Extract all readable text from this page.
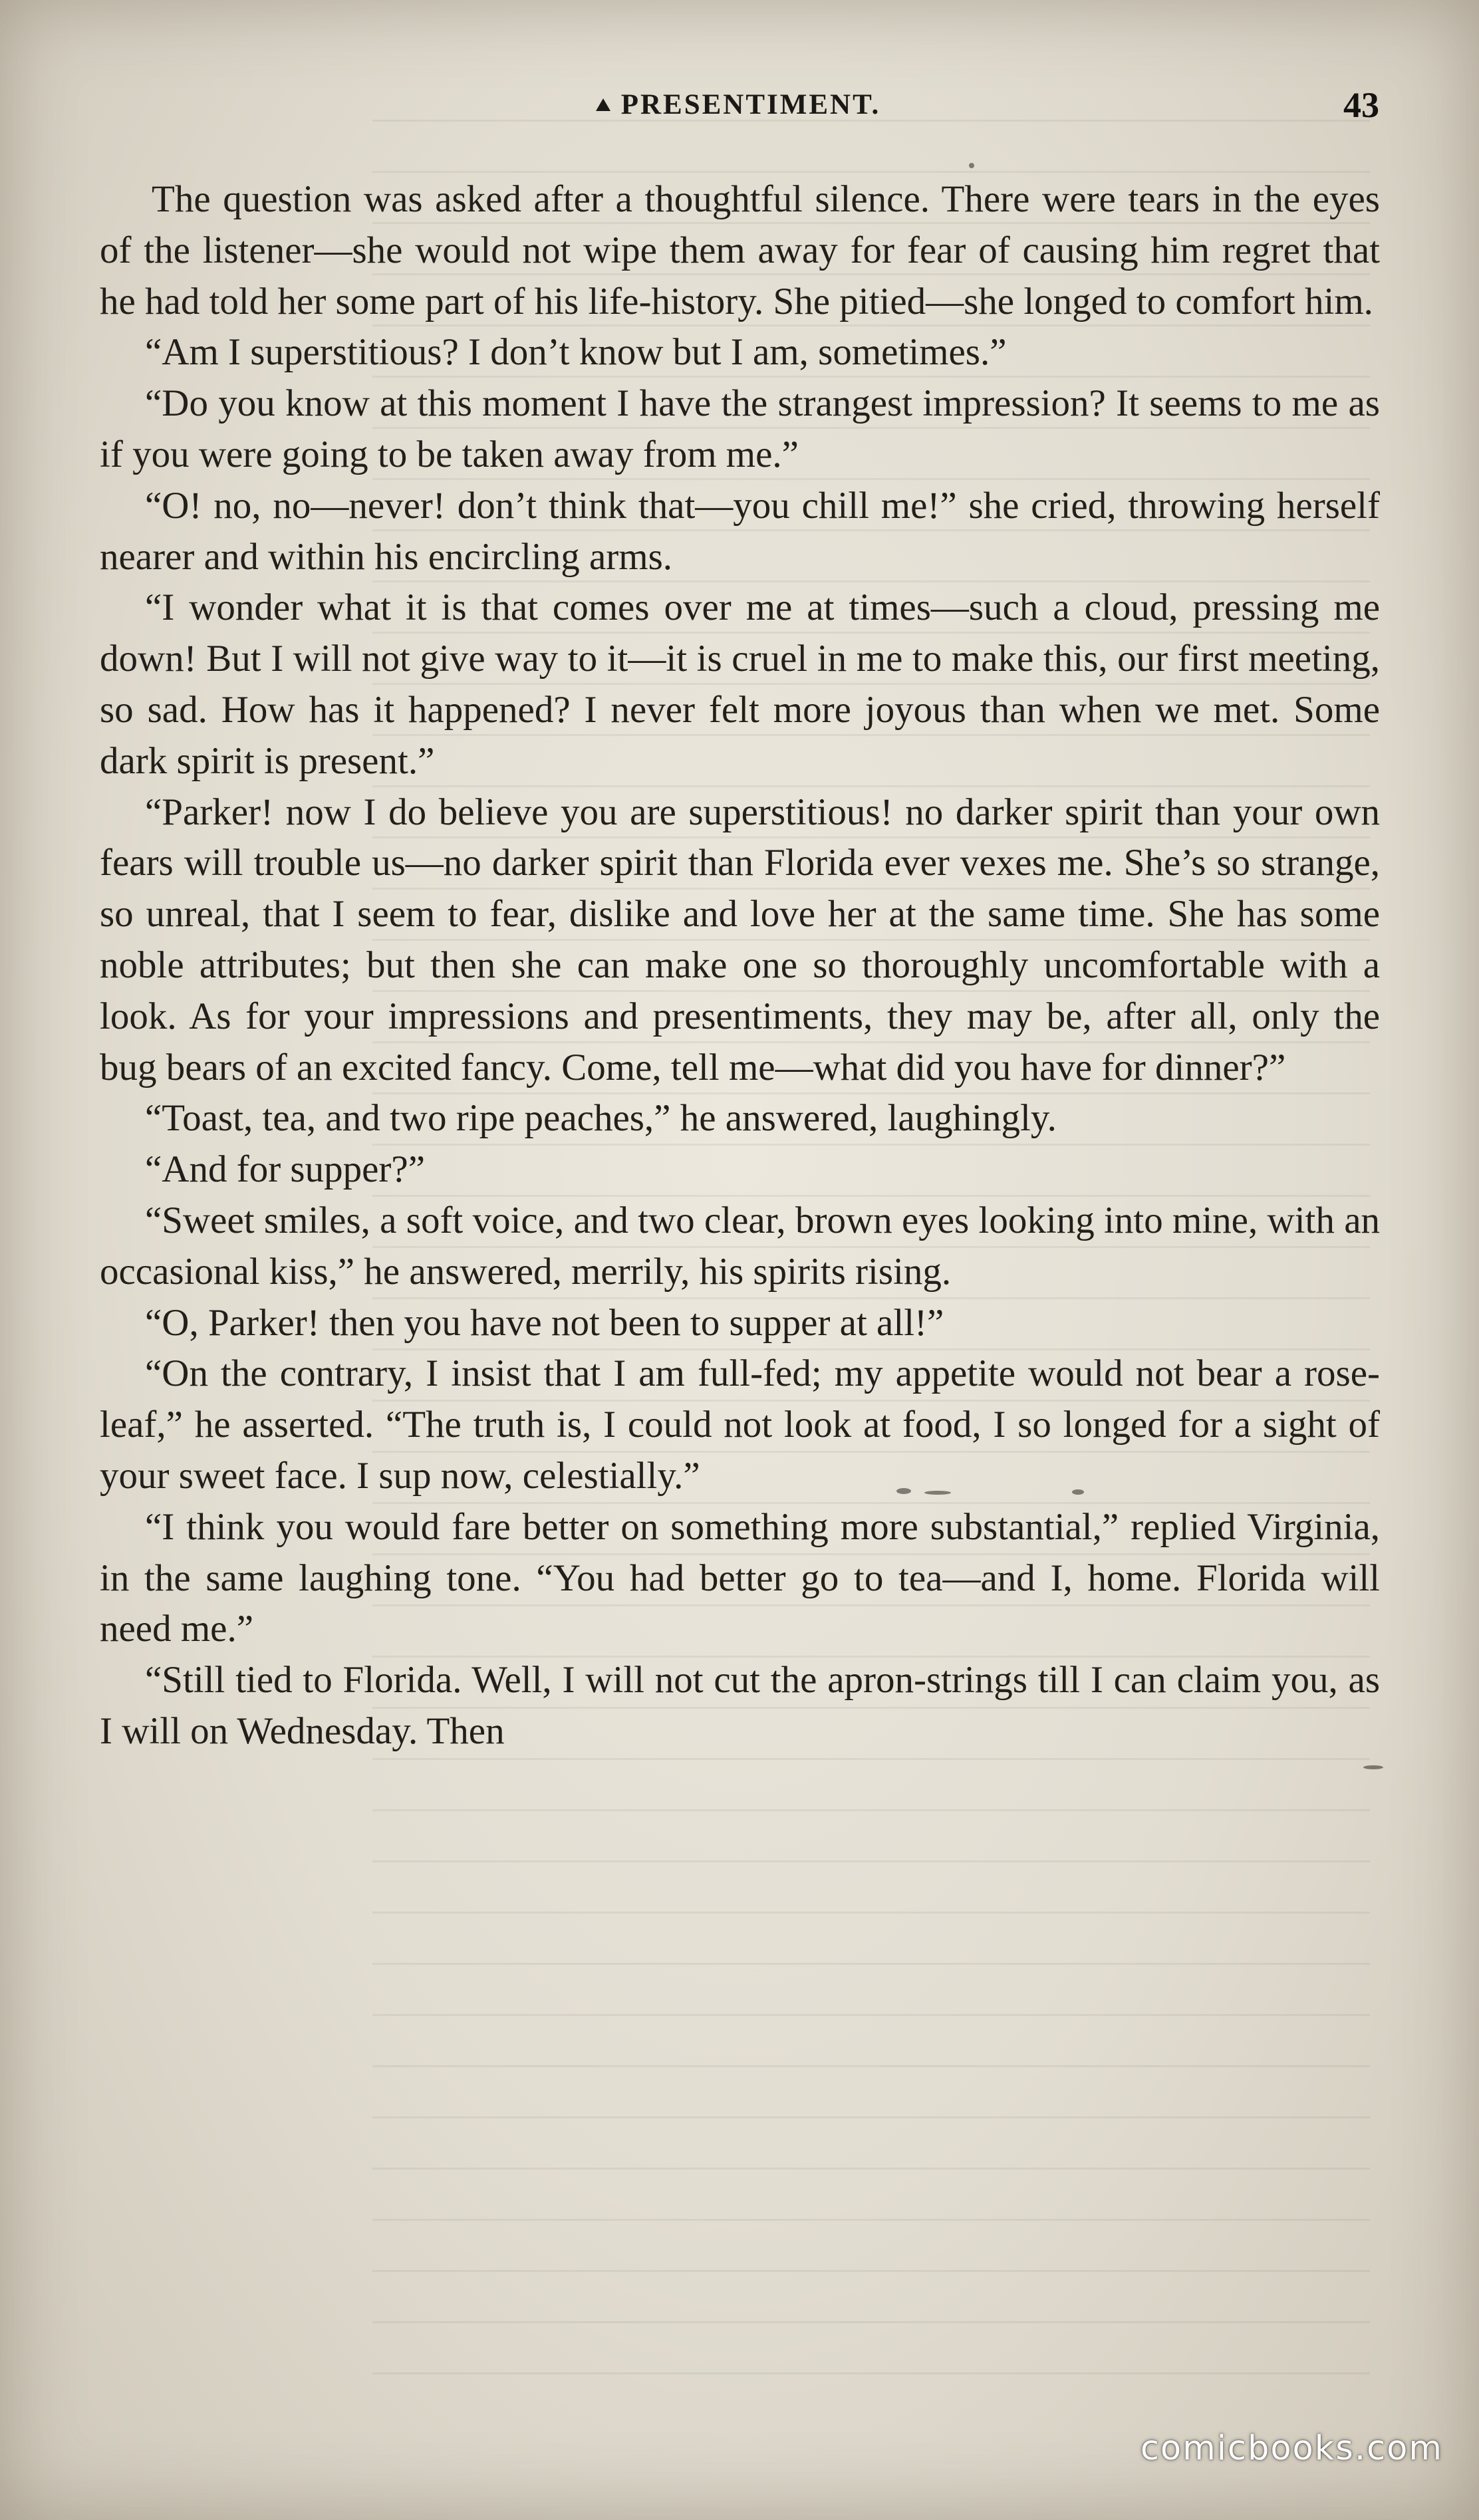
PRESENTIMENT.	43

The question was asked after a thoughtful silence. There were tears in the eyes of the listener—she would not wipe them away for fear of causing him regret that he had told her some part of his life-history. She pitied—she longed to comfort him.

“Am I superstitious? I don’t know but I am, sometimes.”

“Do you know at this moment I have the strangest impression? It seems to me as if you were going to be taken away from me.”

“O! no, no—never! don’t think that—you chill me!” she cried, throwing herself nearer and within his encircling arms.

“I wonder what it is that comes over me at times—such a cloud, pressing me down! But I will not give way to it—it is cruel in me to make this, our first meeting, so sad. How has it happened? I never felt more joyous than when we met. Some dark spirit is present.”

“Parker! now I do believe you are superstitious! no darker spirit than your own fears will trouble us—no darker spirit than Florida ever vexes me. She’s so strange, so unreal, that I seem to fear, dislike and love her at the same time. She has some noble attributes; but then she can make one so thoroughly uncomfortable with a look. As for your impressions and presentiments, they may be, after all, only the bug bears of an excited fancy. Come, tell me—what did you have for dinner?”

“Toast, tea, and two ripe peaches,” he answered, laughingly.

“And for supper?”

“Sweet smiles, a soft voice, and two clear, brown eyes looking into mine, with an occasional kiss,” he answered, merrily, his spirits rising.

“O, Parker! then you have not been to supper at all!”

“On the contrary, I insist that I am full-fed; my appetite would not bear a rose-leaf,” he asserted. “The truth is, I could not look at food, I so longed for a sight of your sweet face. I sup now, celestially.”

“I think you would fare better on something more substantial,” replied Virginia, in the same laughing tone. “You had better go to tea—and I, home. Florida will need me.”

“Still tied to Florida. Well, I will not cut the apron-strings till I can claim you, as I will on Wednesday. Then

comicbooks.com
